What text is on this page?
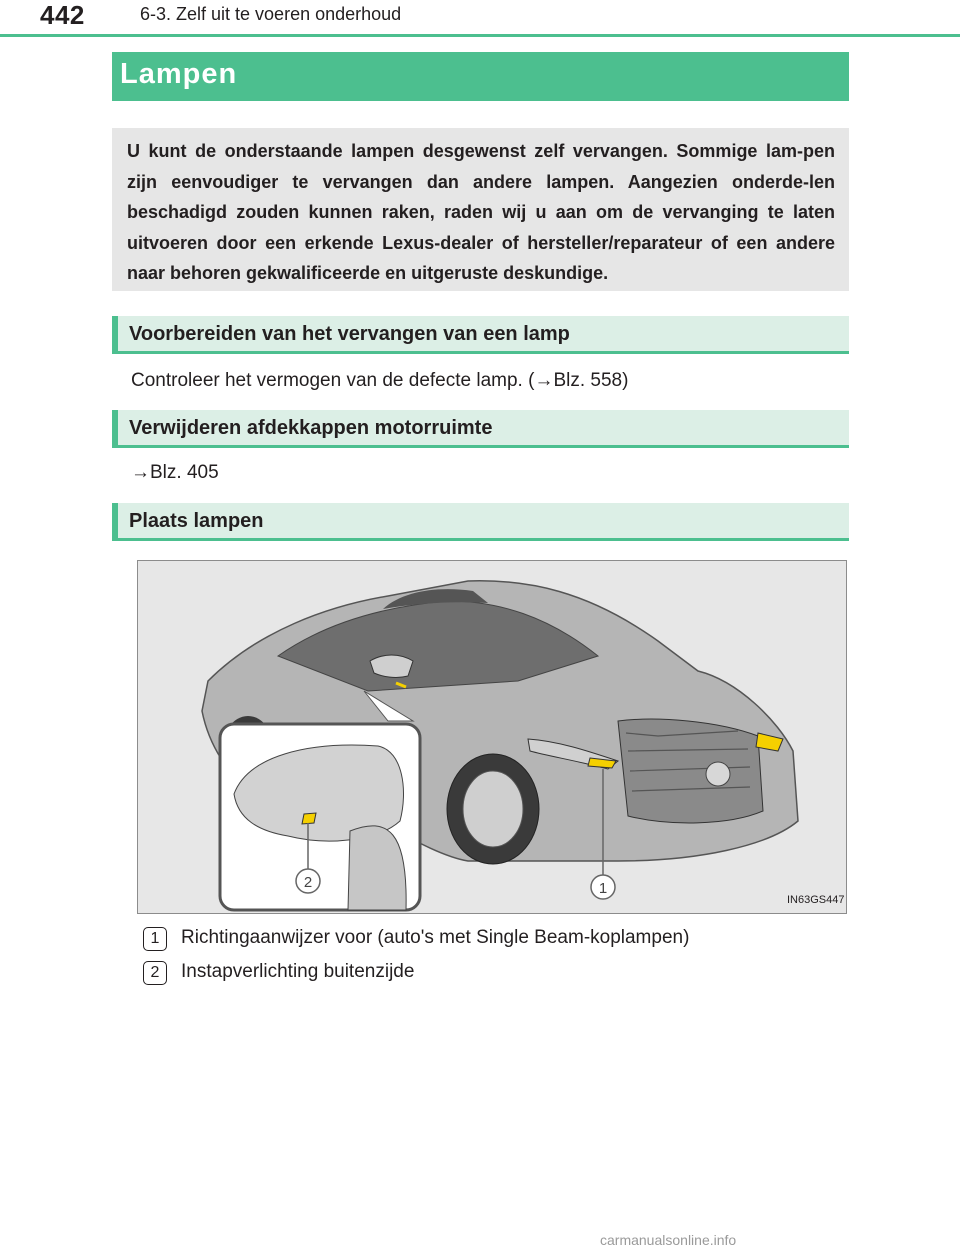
442	6-3. Zelf uit te voeren onderhoud
Lampen

U kunt de onderstaande lampen desgewenst zelf vervangen. Sommige lam-pen zijn eenvoudiger te vervangen dan andere lampen. Aangezien onderde-len beschadigd zouden kunnen raken, raden wij u aan om de vervanging te laten uitvoeren door een erkende Lexus-dealer of hersteller/reparateur of een andere naar behoren gekwalificeerde en uitgeruste deskundige.

Voorbereiden van het vervangen van een lamp
Controleer het vermogen van de defecte lamp. (→Blz. 558)
Verwijderen afdekkappen motorruimte
→Blz. 405
Plaats lampen
2	1
IN63GS447
1	Richtingaanwijzer voor (auto's met Single Beam-koplampen)
2	Instapverlichting buitenzijde
carmanualsonline.info
